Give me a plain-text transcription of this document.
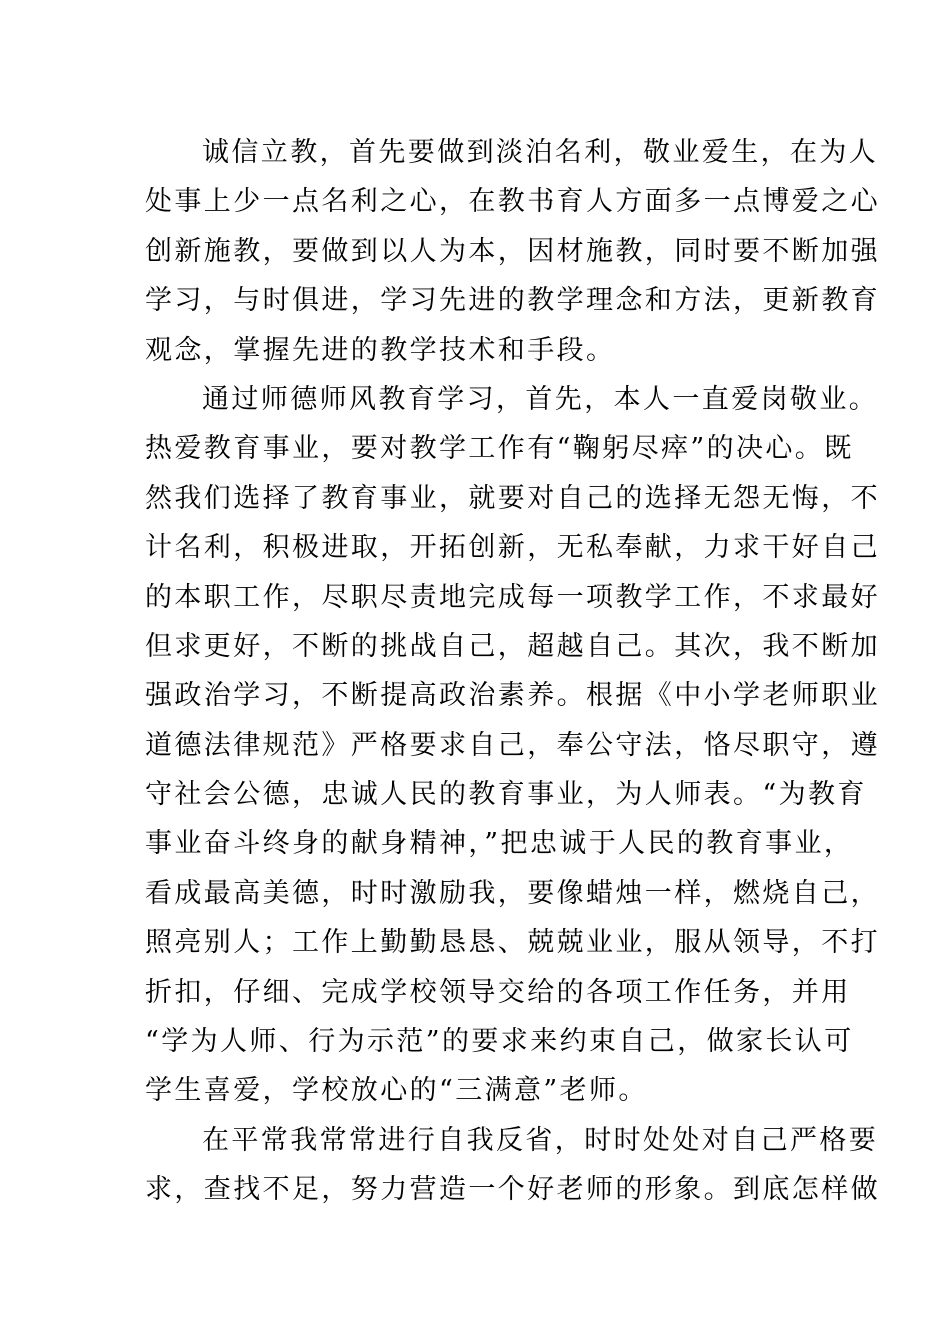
诚信立教，首先要做到淡泊名利，敬业爱生，在为人
处事上少一点名利之心，在教书育人方面多一点博爱之心
创新施教，要做到以人为本，因材施教，同时要不断加强
学习，与时俱进，学习先进的教学理念和方法，更新教育
观念，掌握先进的教学技术和手段。

通过师德师风教育学习，首先，本人一直爱岗敬业。
热爱教育事业，要对教学工作有“鞠躬尽瘁”的决心。既
然我们选择了教育事业，就要对自己的选择无怨无悔，不
计名利，积极进取，开拓创新，无私奉献，力求干好自己
的本职工作，尽职尽责地完成每一项教学工作，不求最好
但求更好，不断的挑战自己，超越自己。其次，我不断加
强政治学习，不断提高政治素养。根据《中小学老师职业
道德法律规范》严格要求自己，奉公守法，恪尽职守，遵
守社会公德，忠诚人民的教育事业，为人师表。“为教育
事业奋斗终身的献身精神，”把忠诚于人民的教育事业，
看成最高美德，时时激励我，要像蜡烛一样，燃烧自己，
照亮别人；工作上勤勤恳恳、兢兢业业，服从领导，不打
折扣，仔细、完成学校领导交给的各项工作任务，并用
“学为人师、行为示范”的要求来约束自己，做家长认可
学生喜爱，学校放心的“三满意”老师。

在平常我常常进行自我反省，时时处处对自己严格要
求，查找不足，努力营造一个好老师的形象。到底怎样做
